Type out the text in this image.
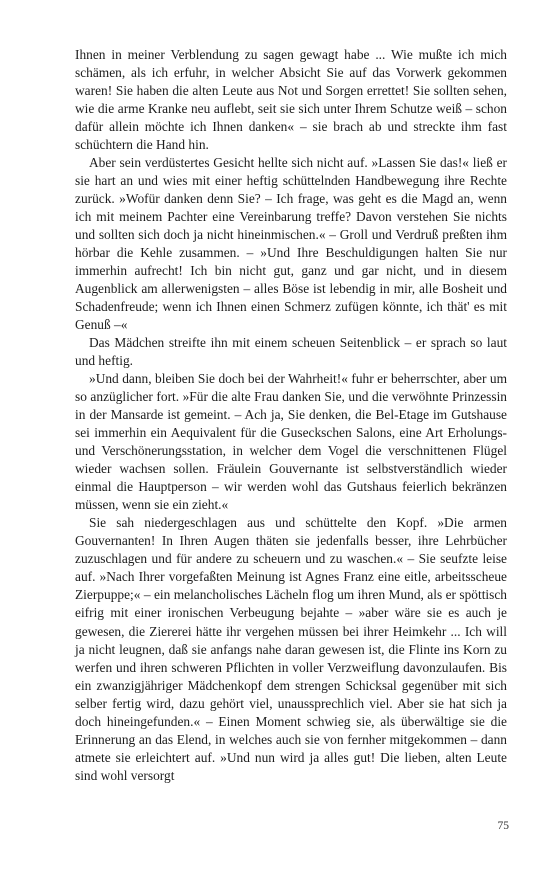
Ihnen in meiner Verblendung zu sagen gewagt habe ... Wie mußte ich mich schämen, als ich erfuhr, in welcher Absicht Sie auf das Vorwerk gekommen waren! Sie haben die alten Leute aus Not und Sorgen errettet! Sie sollten sehen, wie die arme Kranke neu auflebt, seit sie sich unter Ihrem Schutze weiß – schon dafür allein möchte ich Ihnen danken« – sie brach ab und streckte ihm fast schüchtern die Hand hin.

Aber sein verdüstertes Gesicht hellte sich nicht auf. »Lassen Sie das!« ließ er sie hart an und wies mit einer heftig schüttelnden Handbewegung ihre Rechte zurück. »Wofür danken denn Sie? – Ich frage, was geht es die Magd an, wenn ich mit meinem Pachter eine Vereinbarung treffe? Davon verstehen Sie nichts und sollten sich doch ja nicht hineinmischen.« – Groll und Verdruß preßten ihm hörbar die Kehle zusammen. – »Und Ihre Beschuldigungen halten Sie nur immerhin aufrecht! Ich bin nicht gut, ganz und gar nicht, und in diesem Augenblick am allerwenigsten – alles Böse ist lebendig in mir, alle Bosheit und Schadenfreude; wenn ich Ihnen einen Schmerz zufügen könnte, ich thät' es mit Genuß –«

Das Mädchen streifte ihn mit einem scheuen Seitenblick – er sprach so laut und heftig.

»Und dann, bleiben Sie doch bei der Wahrheit!« fuhr er beherrschter, aber um so anzüglicher fort. »Für die alte Frau danken Sie, und die verwöhnte Prinzessin in der Mansarde ist gemeint. – Ach ja, Sie denken, die Bel-Etage im Gutshause sei immerhin ein Aequivalent für die Guseckschen Salons, eine Art Erholungs- und Verschönerungsstation, in welcher dem Vogel die verschnittenen Flügel wieder wachsen sollen. Fräulein Gouvernante ist selbstverständlich wieder einmal die Hauptperson – wir werden wohl das Gutshaus feierlich bekränzen müssen, wenn sie ein zieht.«

Sie sah niedergeschlagen aus und schüttelte den Kopf. »Die armen Gouvernanten! In Ihren Augen thäten sie jedenfalls besser, ihre Lehrbücher zuzuschlagen und für andere zu scheuern und zu waschen.« – Sie seufzte leise auf. »Nach Ihrer vorgefaßten Meinung ist Agnes Franz eine eitle, arbeitsscheue Zierpuppe;« – ein melancholisches Lächeln flog um ihren Mund, als er spöttisch eifrig mit einer ironischen Verbeugung bejahte – »aber wäre sie es auch je gewesen, die Ziererei hätte ihr vergehen müssen bei ihrer Heimkehr ... Ich will ja nicht leugnen, daß sie anfangs nahe daran gewesen ist, die Flinte ins Korn zu werfen und ihren schweren Pflichten in voller Verzweiflung davonzulaufen. Bis ein zwanzigjähriger Mädchenkopf dem strengen Schicksal gegenüber mit sich selber fertig wird, dazu gehört viel, unaussprechlich viel. Aber sie hat sich ja doch hineingefunden.« – Einen Moment schwieg sie, als überwältige sie die Erinnerung an das Elend, in welches auch sie von fernher mitgekommen – dann atmete sie erleichtert auf. »Und nun wird ja alles gut! Die lieben, alten Leute sind wohl versorgt

75
